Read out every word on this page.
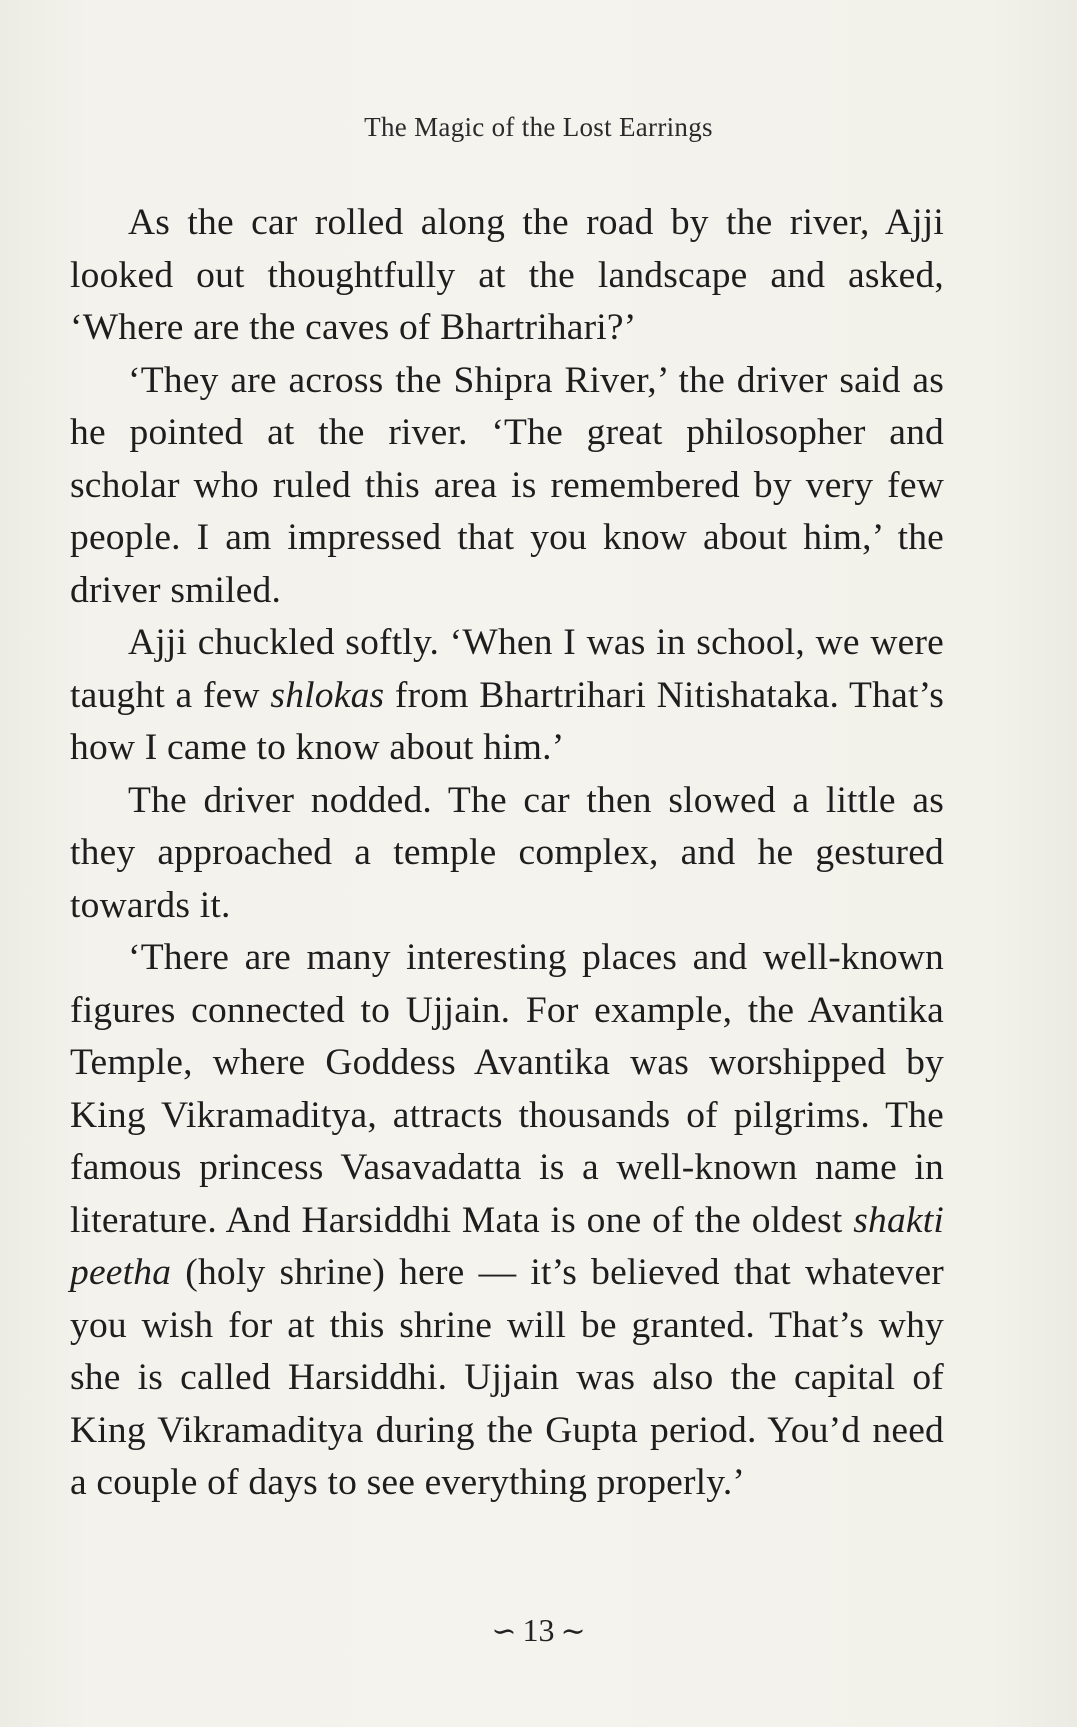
The Magic of the Lost Earrings

As the car rolled along the road by the river, Ajji looked out thoughtfully at the landscape and asked, ‘Where are the caves of Bhartrihari?’

‘They are across the Shipra River,’ the driver said as he pointed at the river. ‘The great philosopher and scholar who ruled this area is remembered by very few people. I am impressed that you know about him,’ the driver smiled.

Ajji chuckled softly. ‘When I was in school, we were taught a few shlokas from Bhartrihari Nitishataka. That’s how I came to know about him.’

The driver nodded. The car then slowed a little as they approached a temple complex, and he gestured towards it.

‘There are many interesting places and well-known figures connected to Ujjain. For example, the Avantika Temple, where Goddess Avantika was worshipped by King Vikramaditya, attracts thousands of pilgrims. The famous princess Vasavadatta is a well-known name in literature. And Harsiddhi Mata is one of the oldest shakti peetha (holy shrine) here — it’s believed that whatever you wish for at this shrine will be granted. That’s why she is called Harsiddhi. Ujjain was also the capital of King Vikramaditya during the Gupta period. You’d need a couple of days to see everything properly.’

∽ 13 ∼
